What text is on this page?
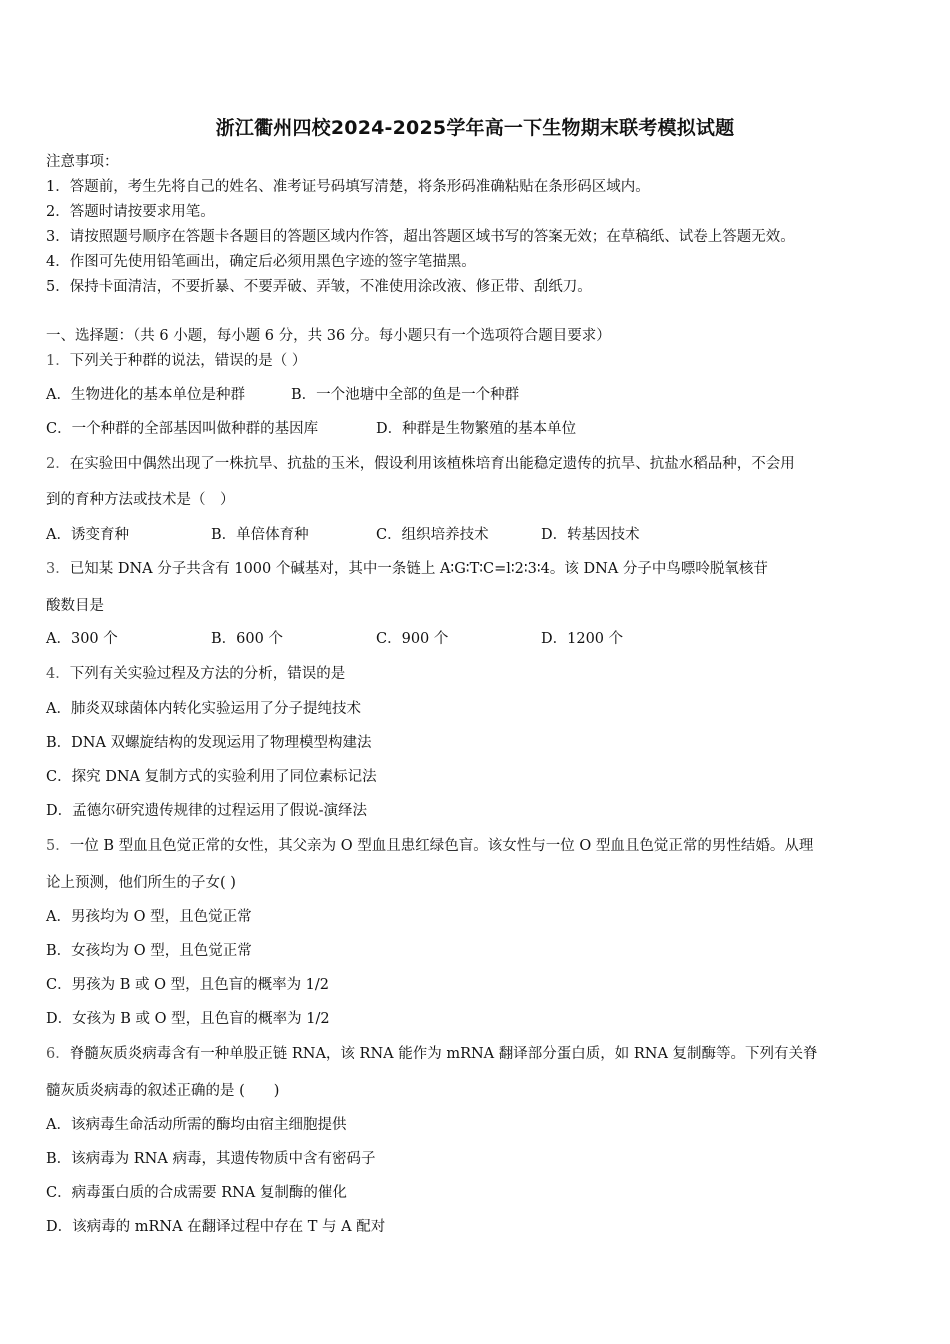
浙江衢州四校2024-2025学年高一下生物期末联考模拟试题
注意事项：
1．答题前，考生先将自己的姓名、准考证号码填写清楚，将条形码准确粘贴在条形码区域内。
2．答题时请按要求用笔。
3．请按照题号顺序在答题卡各题目的答题区域内作答，超出答题区域书写的答案无效；在草稿纸、试卷上答题无效。
4．作图可先使用铅笔画出，确定后必须用黑色字迹的签字笔描黑。
5．保持卡面清洁，不要折暴、不要弄破、弄皱，不准使用涂改液、修正带、刮纸刀。
一、选择题：（共 6 小题，每小题 6 分，共 36 分。每小题只有一个选项符合题目要求）
1．下列关于种群的说法，错误的是（ ）
A．生物进化的基本单位是种群	B．一个池塘中全部的鱼是一个种群
C．一个种群的全部基因叫做种群的基因库	D．种群是生物繁殖的基本单位
2．在实验田中偶然出现了一株抗旱、抗盐的玉米，假设利用该植株培育出能稳定遗传的抗旱、抗盐水稻品种，不会用
到的育种方法或技术是（　）
A．诱变育种	B．单倍体育种	C．组织培养技术	D．转基因技术
3．已知某 DNA 分子共含有 1000 个碱基对，其中一条链上 A∶G∶T∶C=l∶2∶3∶4。该 DNA 分子中鸟嘌呤脱氧核苷
酸数目是
A．300 个	B．600 个	C．900 个	D．1200 个
4．下列有关实验过程及方法的分析，错误的是
A．肺炎双球菌体内转化实验运用了分子提纯技术
B．DNA 双螺旋结构的发现运用了物理模型构建法
C．探究 DNA 复制方式的实验利用了同位素标记法
D．孟德尔研究遗传规律的过程运用了假说-演绎法
5．一位 B 型血且色觉正常的女性，其父亲为 O 型血且患红绿色盲。该女性与一位 O 型血且色觉正常的男性结婚。从理
论上预测，他们所生的子女( )
A．男孩均为 O 型，且色觉正常
B．女孩均为 O 型，且色觉正常
C．男孩为 B 或 O 型，且色盲的概率为 1/2
D．女孩为 B 或 O 型，且色盲的概率为 1/2
6．脊髓灰质炎病毒含有一种单股正链 RNA，该 RNA 能作为 mRNA 翻译部分蛋白质，如 RNA 复制酶等。下列有关脊
髓灰质炎病毒的叙述正确的是 (　　)
A．该病毒生命活动所需的酶均由宿主细胞提供
B．该病毒为 RNA 病毒，其遗传物质中含有密码子
C．病毒蛋白质的合成需要 RNA 复制酶的催化
D．该病毒的 mRNA 在翻译过程中存在 T 与 A 配对
